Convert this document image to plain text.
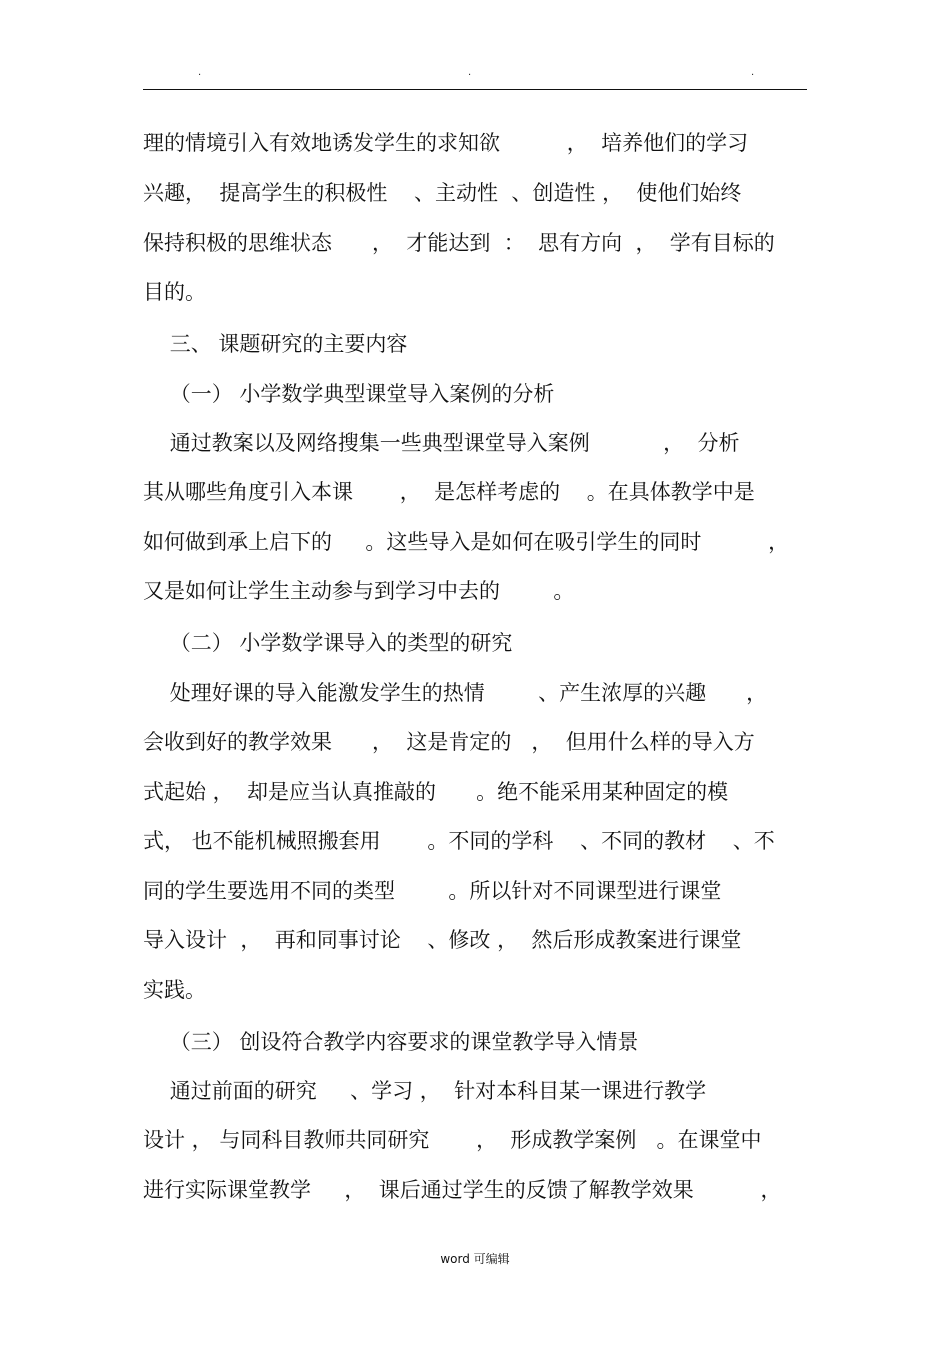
.	.	.

理的情境引入有效地诱发学生的求知欲          ，  培养他们的学习

兴趣，  提高学生的积极性    、主动性  、创造性 ，  使他们始终

保持积极的思维状态      ，  才能达到  ：  思有方向  ，  学有目标的

目的。

三、 课题研究的主要内容

（一） 小学数学典型课堂导入案例的分析

通过教案以及网络搜集一些典型课堂导入案例           ，  分析

其从哪些角度引入本课       ，  是怎样考虑的    。在具体教学中是

如何做到承上启下的     。这些导入是如何在吸引学生的同时          ，

又是如何让学生主动参与到学习中去的        。

（二） 小学数学课导入的类型的研究

处理好课的导入能激发学生的热情        、产生浓厚的兴趣      ，

会收到好的教学效果      ，  这是肯定的   ，  但用什么样的导入方

式起始 ，  却是应当认真推敲的      。绝不能采用某种固定的模

式， 也不能机械照搬套用       。不同的学科    、不同的教材    、不

同的学生要选用不同的类型        。所以针对不同课型进行课堂

导入设计  ，  再和同事讨论    、修改 ，  然后形成教案进行课堂

实践。

（三） 创设符合教学内容要求的课堂教学导入情景

通过前面的研究     、学习 ，  针对本科目某一课进行教学

设计 ， 与同科目教师共同研究       ，  形成教学案例   。在课堂中

进行实际课堂教学     ，  课后通过学生的反馈了解教学效果          ，

word 可编辑
